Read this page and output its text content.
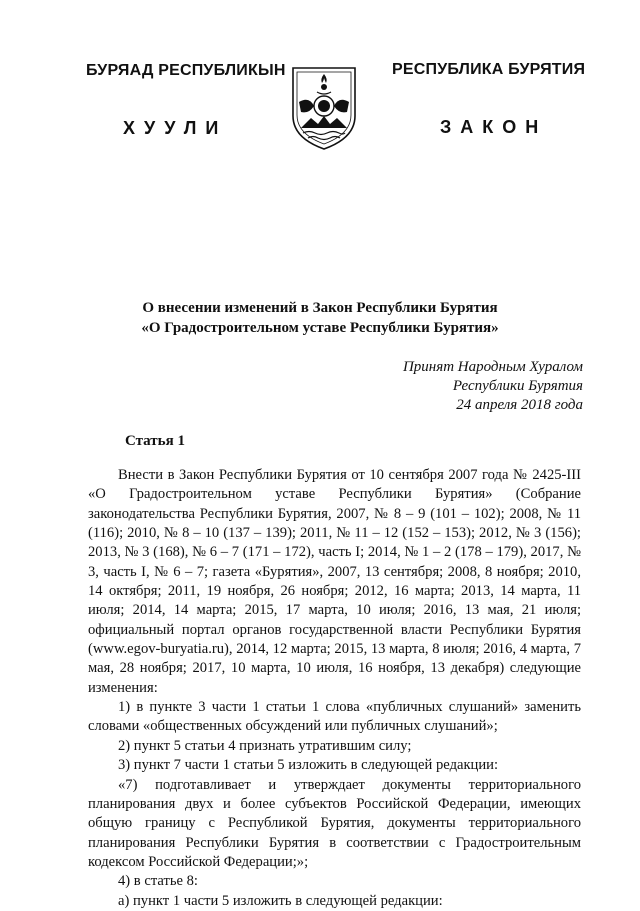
БУРЯАД РЕСПУБЛИКЫН	РЕСПУБЛИКА БУРЯТИЯ
ХУУЛИ	ЗАКОН
О внесении изменений в Закон Республики Бурятия
«О Градостроительном уставе Республики Бурятия»
Принят Народным Хуралом
Республики Бурятия
24 апреля 2018 года
Статья 1

Внести в Закон Республики Бурятия от 10 сентября 2007 года № 2425-III «О Градостроительном уставе Республики Бурятия» (Собрание законодательства Республики Бурятия, 2007, № 8 – 9 (101 – 102); 2008, № 11 (116); 2010, № 8 – 10 (137 – 139); 2011, № 11 – 12 (152 – 153); 2012, № 3 (156); 2013, № 3 (168), № 6 – 7 (171 – 172), часть I; 2014, № 1 – 2 (178 – 179), 2017, № 3, часть I, № 6 – 7; газета «Бурятия», 2007, 13 сентября; 2008, 8 ноября; 2010, 14 октября; 2011, 19 ноября, 26 ноября; 2012, 16 марта; 2013, 14 марта, 11 июля; 2014, 14 марта; 2015, 17 марта, 10 июля; 2016, 13 мая, 21 июля; официальный портал органов государственной власти Республики Бурятия (www.egov-buryatia.ru), 2014, 12 марта; 2015, 13 марта, 8 июля; 2016, 4 марта, 7 мая, 28 ноября; 2017, 10 марта, 10 июля, 16 ноября, 13 декабря) следующие изменения:

1) в пункте 3 части 1 статьи 1 слова «публичных слушаний» заменить словами «общественных обсуждений или публичных слушаний»;

2) пункт 5 статьи 4 признать утратившим силу;

3) пункт 7 части 1 статьи 5 изложить в следующей редакции:

«7) подготавливает и утверждает документы территориального планирования двух и более субъектов Российской Федерации, имеющих общую границу с Республикой Бурятия, документы территориального планирования Республики Бурятия в соответствии с Градостроительным кодексом Российской Федерации;»;

4) в статье 8:

а) пункт 1 части 5 изложить в следующей редакции:
